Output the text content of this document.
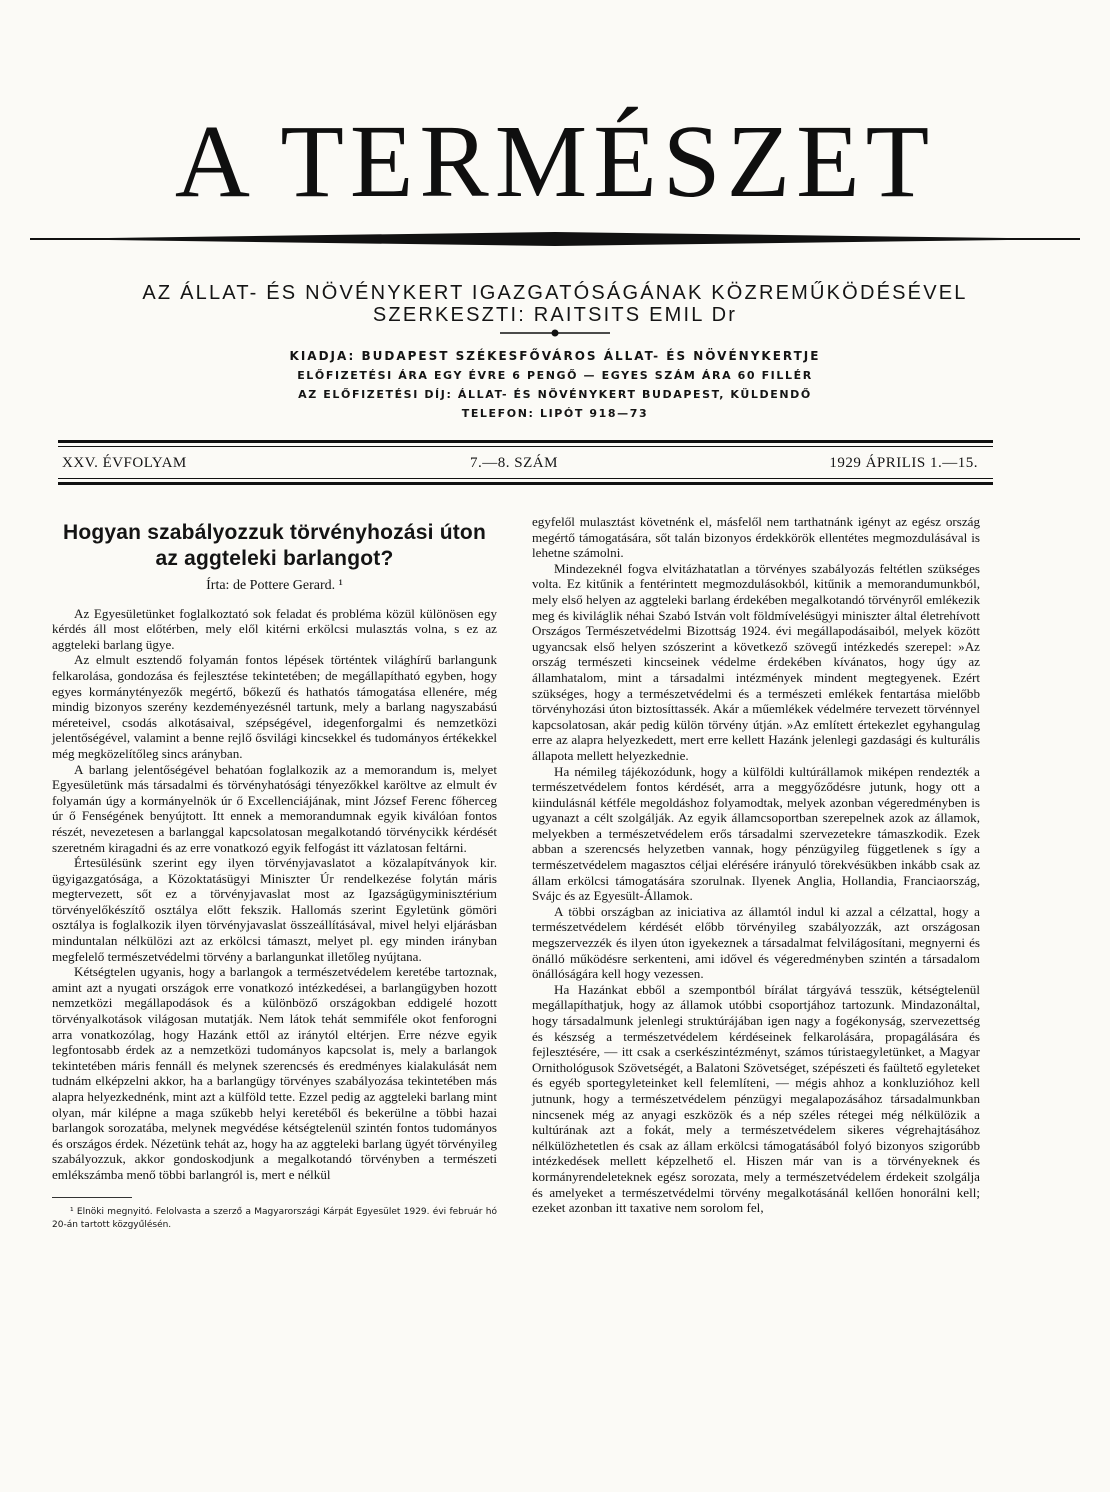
A TERMÉSZET
AZ ÁLLAT- ÉS NÖVÉNYKERT IGAZGATÓSÁGÁNAK KÖZREMŰKÖDÉSÉVEL
SZERKESZTI: RAITSITS EMIL Dr
KIADJA: BUDAPEST SZÉKESFŐVÁROS ÁLLAT- ÉS NÖVÉNYKERTJE
ELŐFIZETÉSI ÁRA EGY ÉVRE 6 PENGŐ — EGYES SZÁM ÁRA 60 FILLÉR
AZ ELŐFIZETÉSI DÍJ: ÁLLAT- ÉS NÖVÉNYKERT BUDAPEST, KÜLDENDŐ
TELEFON: LIPÓT 918—73
XXV. ÉVFOLYAM	7.—8. SZÁM	1929 ÁPRILIS 1.—15.
Hogyan szabályozzuk törvényhozási úton
az aggteleki barlangot?
Írta: de Pottere Gerard. ¹

Az Egyesületünket foglalkoztató sok feladat és probléma közül különösen egy kérdés áll most előtérben, mely elől kitérni erkölcsi mulasztás volna, s ez az aggteleki barlang ügye.

Az elmult esztendő folyamán fontos lépések történtek világhírű barlangunk felkarolása, gondozása és fejlesztése tekintetében; de megállapítható egyben, hogy egyes kormánytényezők megértő, bőkezű és hathatós támogatása ellenére, még mindig bizonyos szerény kezdeményezésnél tartunk, mely a barlang nagyszabású méreteivel, csodás alkotásaival, szépségével, idegenforgalmi és nemzetközi jelentőségével, valamint a benne rejlő ősvilági kincsekkel és tudományos értékekkel még megközelítőleg sincs arányban.

A barlang jelentőségével behatóan foglalkozik az a memorandum is, melyet Egyesületünk más társadalmi és törvényhatósági tényezőkkel karöltve az elmult év folyamán úgy a kormányelnök úr ő Excellenciájának, mint József Ferenc főherceg úr ő Fenségének benyújtott. Itt ennek a memorandumnak egyik kiválóan fontos részét, nevezetesen a barlanggal kapcsolatosan megalkotandó törvénycikk kérdését szeretném kiragadni és az erre vonatkozó egyik felfogást itt vázlatosan feltárni.

Értesülésünk szerint egy ilyen törvényjavaslatot a közalapítványok kir. ügyigazgatósága, a Közoktatásügyi Miniszter Úr rendelkezése folytán máris megtervezett, sőt ez a törvényjavaslat most az Igazságügyminisztérium törvényelőkészítő osztálya előtt fekszik. Hallomás szerint Egyletünk gömöri osztálya is foglalkozik ilyen törvényjavaslat összeállításával, mivel helyi eljárásban minduntalan nélkülözi azt az erkölcsi támaszt, melyet pl. egy minden irányban megfelelő természetvédelmi törvény a barlangunkat illetőleg nyújtana.

Kétségtelen ugyanis, hogy a barlangok a természetvédelem keretébe tartoznak, amint azt a nyugati országok erre vonatkozó intézkedései, a barlangügyben hozott nemzetközi megállapodások és a különböző országokban eddigelé hozott törvényalkotások világosan mutatják. Nem látok tehát semmiféle okot fenforogni arra vonatkozólag, hogy Hazánk ettől az iránytól eltérjen. Erre nézve egyik legfontosabb érdek az a nemzetközi tudományos kapcsolat is, mely a barlangok tekintetében máris fennáll és melynek szerencsés és eredményes kialakulását nem tudnám elképzelni akkor, ha a barlangügy törvényes szabályozása tekintetében más alapra helyezkednénk, mint azt a külföld tette. Ezzel pedig az aggteleki barlang mint olyan, már kilépne a maga szűkebb helyi keretéből és bekerülne a többi hazai barlangok sorozatába, melynek megvédése kétségtelenül szintén fontos tudományos és országos érdek. Nézetünk tehát az, hogy ha az aggteleki barlang ügyét törvényileg szabályozzuk, akkor gondoskodjunk a megalkotandó törvényben a természeti emlékszámba menő többi barlangról is, mert e nélkül

¹ Elnöki megnyitó. Felolvasta a szerző a Magyarországi Kárpát Egyesület 1929. évi február hó 20-án tartott közgyűlésén.

egyfelől mulasztást követnénk el, másfelől nem tarthatnánk igényt az egész ország megértő támogatására, sőt talán bizonyos érdekkörök ellentétes megmozdulásával is lehetne számolni.

Mindezeknél fogva elvitázhatatlan a törvényes szabályozás feltétlen szükséges volta. Ez kitűnik a fentérintett megmozdulásokból, kitűnik a memorandumunkból, mely első helyen az aggteleki barlang érdekében megalkotandó törvényről emlékezik meg és kiviláglik néhai Szabó István volt földmívelésügyi miniszter által életrehívott Országos Természetvédelmi Bizottság 1924. évi megállapodásaiból, melyek között ugyancsak első helyen szószerint a következő szövegű intézkedés szerepel: »Az ország természeti kincseinek védelme érdekében kívánatos, hogy úgy az államhatalom, mint a társadalmi intézmények mindent megtegyenek. Ezért szükséges, hogy a természetvédelmi és a természeti emlékek fentartása mielőbb törvényhozási úton biztosíttassék. Akár a műemlékek védelmére tervezett törvénnyel kapcsolatosan, akár pedig külön törvény útján. »Az említett értekezlet egyhangulag erre az alapra helyezkedett, mert erre kellett Hazánk jelenlegi gazdasági és kulturális állapota mellett helyezkednie.

Ha némileg tájékozódunk, hogy a külföldi kultúrállamok miképen rendezték a természetvédelem fontos kérdését, arra a meggyőződésre jutunk, hogy ott a kiindulásnál kétféle megoldáshoz folyamodtak, melyek azonban végeredményben is ugyanazt a célt szolgálják. Az egyik államcsoportban szerepelnek azok az államok, melyekben a természetvédelem erős társadalmi szervezetekre támaszkodik. Ezek abban a szerencsés helyzetben vannak, hogy pénzügyileg függetlenek s így a természetvédelem magasztos céljai elérésére irányuló törekvésükben inkább csak az állam erkölcsi támogatására szorulnak. Ilyenek Anglia, Hollandia, Franciaország, Svájc és az Egyesült-Államok.

A többi országban az iniciativa az államtól indul ki azzal a célzattal, hogy a természetvédelem kérdését előbb törvényileg szabályozzák, azt országosan megszervezzék és ilyen úton igyekeznek a társadalmat felvilágosítani, megnyerni és önálló működésre serkenteni, ami idővel és végeredményben szintén a társadalom önállóságára kell hogy vezessen.

Ha Hazánkat ebből a szempontból bírálat tárgyává tesszük, kétségtelenül megállapíthatjuk, hogy az államok utóbbi csoportjához tartozunk. Mindazonáltal, hogy társadalmunk jelenlegi struktúrájában igen nagy a fogékonyság, szervezettség és készség a természetvédelem kérdéseinek felkarolására, propagálására és fejlesztésére, — itt csak a cserkészintézményt, számos túristaegyletünket, a Magyar Ornithológusok Szövetségét, a Balatoni Szövetséget, szépészeti és faültető egyleteket és egyéb sportegyleteinket kell felemlíteni, — mégis ahhoz a konkluzióhoz kell jutnunk, hogy a természetvédelem pénzügyi megalapozásához társadalmunkban nincsenek még az anyagi eszközök és a nép széles rétegei még nélkülözik a kultúrának azt a fokát, mely a természetvédelem sikeres végrehajtásához nélkülözhetetlen és csak az állam erkölcsi támogatásából folyó bizonyos szigorúbb intézkedések mellett képzelhető el. Hiszen már van is a törvényeknek és kormányrendeleteknek egész sorozata, mely a természetvédelem érdekeit szolgálja és amelyeket a természetvédelmi törvény megalkotásánál kellően honorálni kell; ezeket azonban itt taxative nem sorolom fel,
